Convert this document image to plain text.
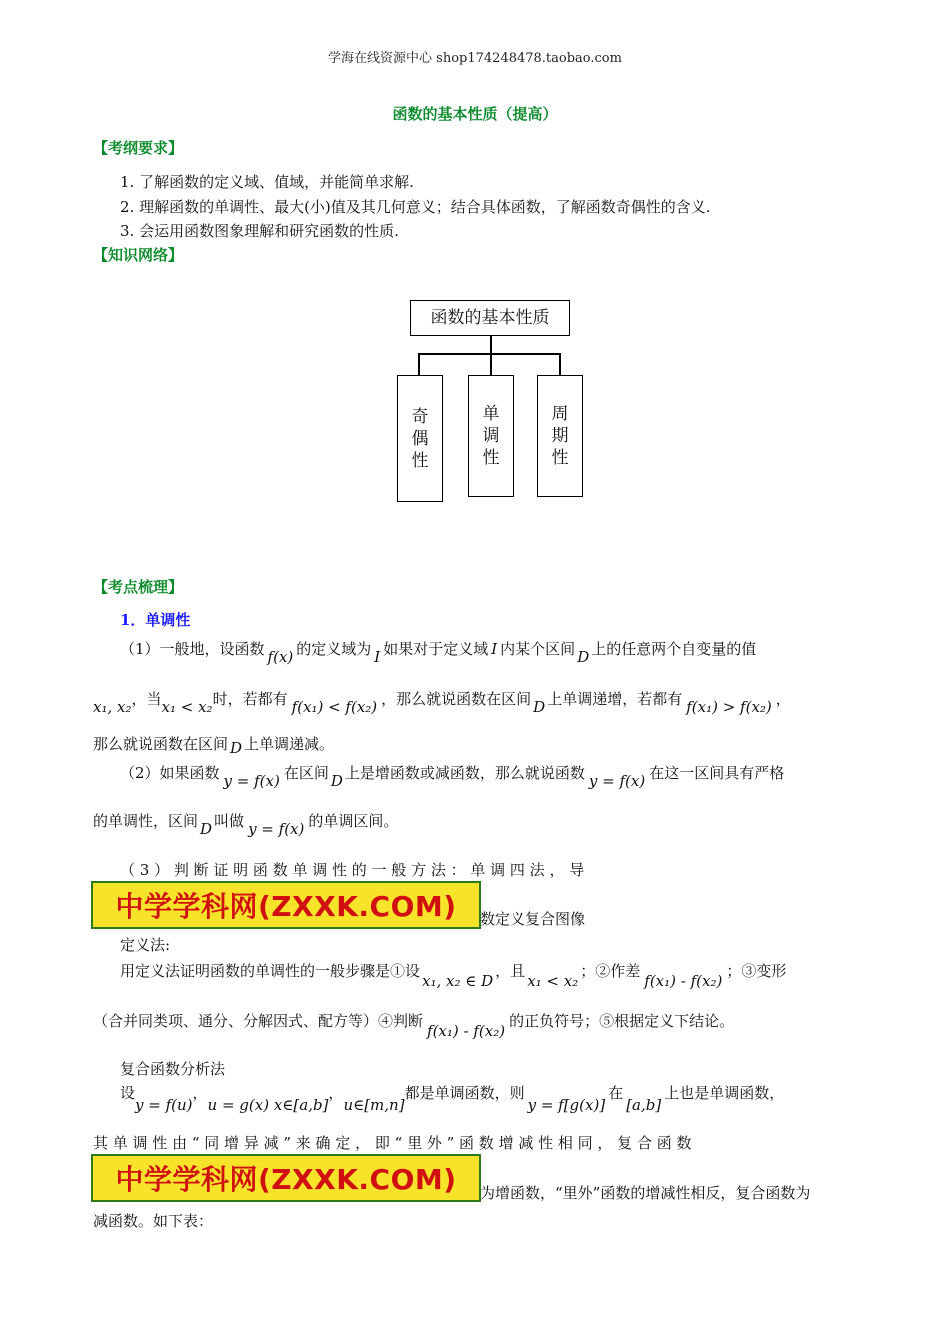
学海在线资源中心 shop174248478.taobao.com
函数的基本性质（提高）
【考纲要求】
1. 了解函数的定义域、值域，并能简单求解.
2. 理解函数的单调性、最大(小)值及其几何意义；结合具体函数，了解函数奇偶性的含义.
3. 会运用函数图象理解和研究函数的性质.
【知识网络】
函数的基本性质
奇
偶
性
单
调
性
周
期
性
【考点梳理】
1．单调性
（1）一般地，设函数 f(x) 的定义域为 I 如果对于定义域 I 内某个区间 D 上的任意两个自变量的值
x₁, x₂，当x₁ < x₂时，若都有 f(x₁) < f(x₂) ，那么就说函数在区间 D 上单调递增，若都有 f(x₁) > f(x₂) ，
那么就说函数在区间 D 上单调递减。
（2）如果函数 y = f(x) 在区间 D 上是增函数或减函数，那么就说函数 y = f(x) 在这一区间具有严格
的单调性，区间 D 叫做 y = f(x) 的单调区间。
（ 3 ） 判 断 证 明 函 数 单 调 性 的 一 般 方 法 ： 单 调 四 法 ， 导
中学学科网(ZXXK.COM)	数定义复合图像
定义法:
用定义法证明函数的单调性的一般步骤是①设x₁, x₂ ∈ D，且x₁ < x₂；②作差f(x₁) - f(x₂)；③变形
（合并同类项、通分、分解因式、配方等）④判断f(x₁) - f(x₂)的正负符号；⑤根据定义下结论。
复合函数分析法
设y = f(u)，u = g(x) x∈[a,b]，u∈[m,n]都是单调函数，则y = f[g(x)]在[a,b]上也是单调函数，
其 单 调 性 由 “ 同 增 异 减 ” 来 确 定 ， 即 “ 里 外 ” 函 数 增 减 性 相 同 ， 复 合 函 数
中学学科网(ZXXK.COM)	为增函数，“里外”函数的增减性相反，复合函数为
减函数。如下表：
